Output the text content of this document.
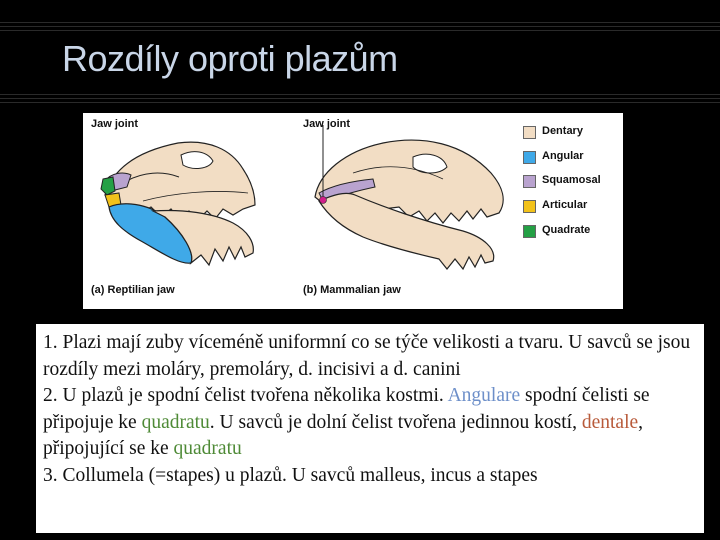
Rozdíly oproti plazům
Jaw joint	Jaw joint
(a) Reptilian jaw	(b) Mammalian jaw
Dentary
Angular
Squamosal
Articular
Quadrate

1. Plazi mají zuby víceméně uniformní co se týče velikosti a tvaru. U savců se jsou rozdíly mezi moláry, premoláry, d. incisivi a d. canini

2. U plazů je spodní čelist tvořena několika kostmi. Angulare spodní čelisti se připojuje ke quadratu. U savců je dolní čelist tvořena jedinnou kostí, dentale, připojující se ke quadratu

3. Collumela (=stapes) u plazů. U savců malleus, incus a stapes
